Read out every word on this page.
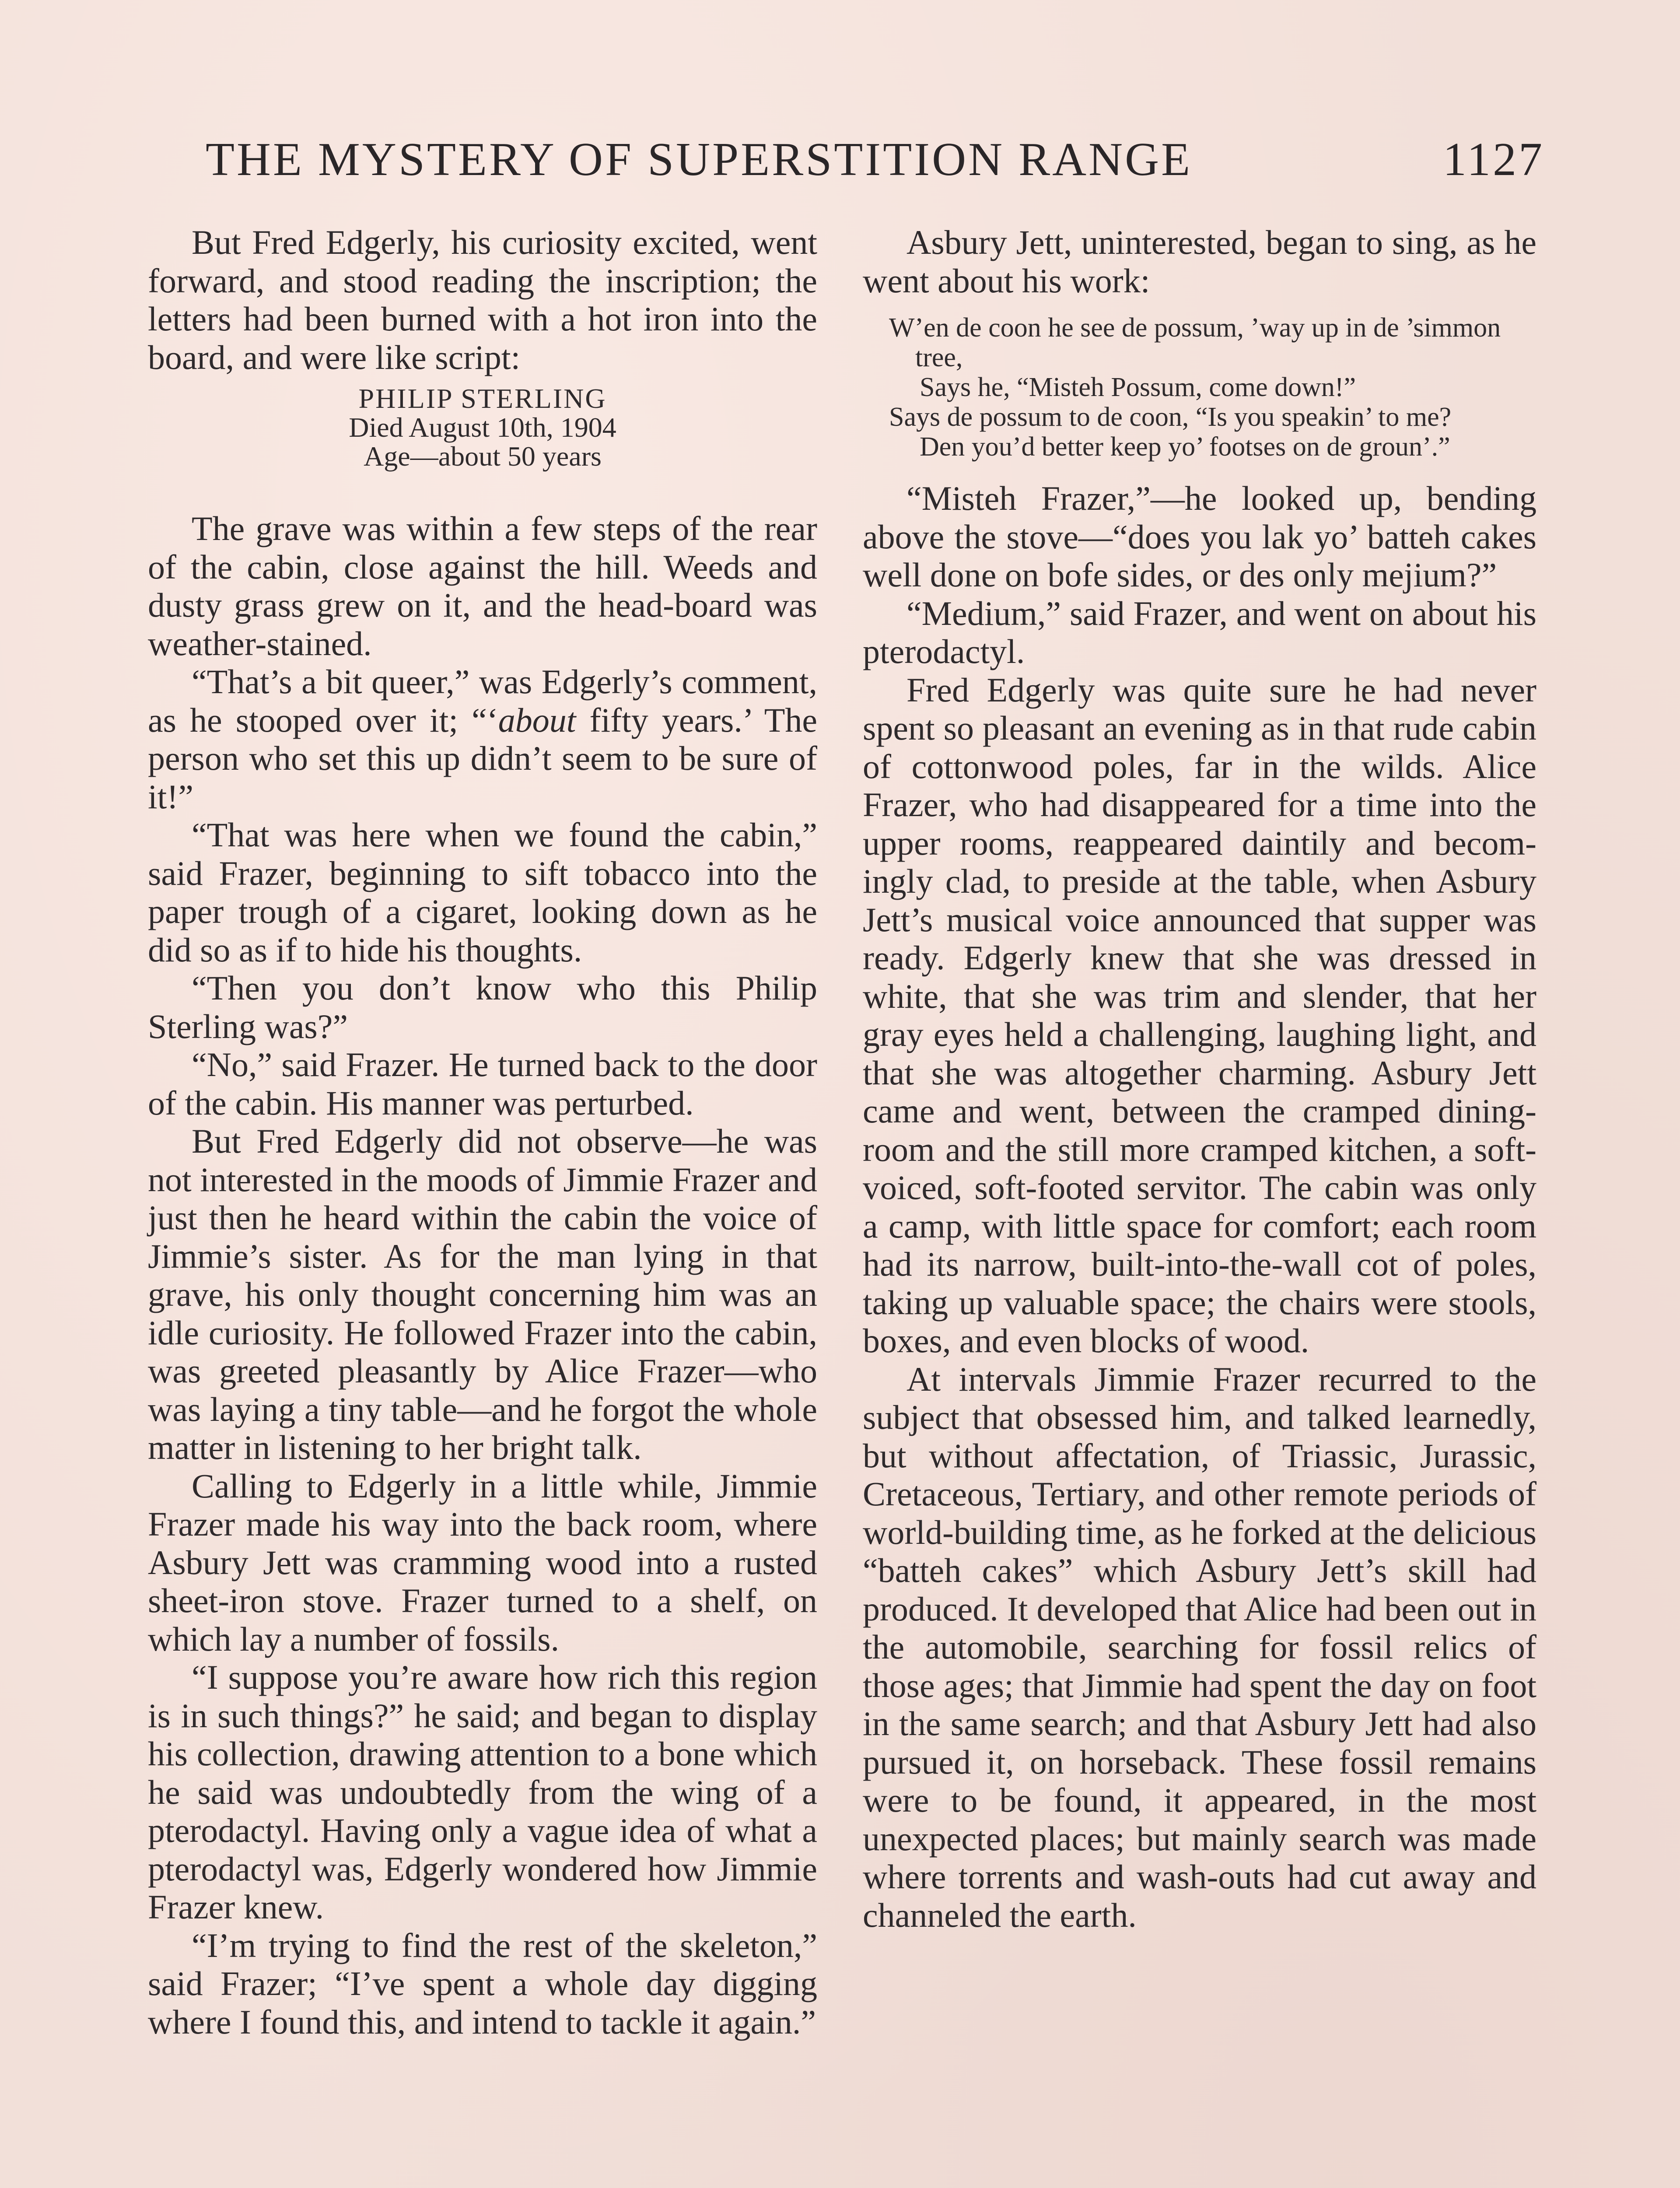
THE MYSTERY OF SUPERSTITION RANGE	1127

But Fred Edgerly, his curiosity excited, went forward, and stood reading the inscription; the letters had been burned with a hot iron into the board, and were like script:

PHILIP STERLING
Died August 10th, 1904
Age—about 50 years

The grave was within a few steps of the rear of the cabin, close against the hill. Weeds and dusty grass grew on it, and the head-board was weather-stained.

“That’s a bit queer,” was Edgerly’s comment, as he stooped over it; “‘about fifty years.’ The person who set this up didn’t seem to be sure of it!”

“That was here when we found the cabin,” said Frazer, beginning to sift tobacco into the paper trough of a cigaret, looking down as he did so as if to hide his thoughts.

“Then you don’t know who this Philip Sterling was?”

“No,” said Frazer. He turned back to the door of the cabin. His manner was perturbed.

But Fred Edgerly did not observe—he was not interested in the moods of Jimmie Frazer and just then he heard within the cabin the voice of Jimmie’s sister. As for the man lying in that grave, his only thought concerning him was an idle curiosity. He followed Frazer into the cabin, was greeted pleasantly by Alice Frazer—who was laying a tiny table—and he forgot the whole matter in listening to her bright talk.

Calling to Edgerly in a little while, Jimmie Frazer made his way into the back room, where Asbury Jett was cramming wood into a rusted sheet-iron stove. Frazer turned to a shelf, on which lay a number of fossils.

“I suppose you’re aware how rich this region is in such things?” he said; and began to display his collection, drawing attention to a bone which he said was undoubtedly from the wing of a pterodactyl. Having only a vague idea of what a pterodactyl was, Edgerly wondered how Jimmie Frazer knew.

“I’m trying to find the rest of the skeleton,” said Frazer; “I’ve spent a whole day digging where I found this, and intend to tackle it again.”

Asbury Jett, uninterested, began to sing, as he went about his work:

W’en de coon he see de possum, ’way up in de ’simmon tree,
Says he, “Misteh Possum, come down!”
Says de possum to de coon, “Is you speakin’ to me?
Den you’d better keep yo’ footses on de groun’.”

“Misteh Frazer,”—he looked up, bending above the stove—“does you lak yo’ batteh cakes well done on bofe sides, or des only mejium?”

“Medium,” said Frazer, and went on about his pterodactyl.

Fred Edgerly was quite sure he had never spent so pleasant an evening as in that rude cabin of cottonwood poles, far in the wilds. Alice Frazer, who had disappeared for a time into the upper rooms, reappeared daintily and becomingly clad, to preside at the table, when Asbury Jett’s musical voice announced that supper was ready. Edgerly knew that she was dressed in white, that she was trim and slender, that her gray eyes held a challenging, laughing light, and that she was altogether charming. Asbury Jett came and went, between the cramped dining-room and the still more cramped kitchen, a soft-voiced, soft-footed servitor. The cabin was only a camp, with little space for comfort; each room had its narrow, built-into-the-wall cot of poles, taking up valuable space; the chairs were stools, boxes, and even blocks of wood.

At intervals Jimmie Frazer recurred to the subject that obsessed him, and talked learnedly, but without affectation, of Triassic, Jurassic, Cretaceous, Tertiary, and other remote periods of world-building time, as he forked at the delicious “batteh cakes” which Asbury Jett’s skill had produced. It developed that Alice had been out in the automobile, searching for fossil relics of those ages; that Jimmie had spent the day on foot in the same search; and that Asbury Jett had also pursued it, on horseback. These fossil remains were to be found, it appeared, in the most unexpected places; but mainly search was made where torrents and wash-outs had cut away and channeled the earth.
